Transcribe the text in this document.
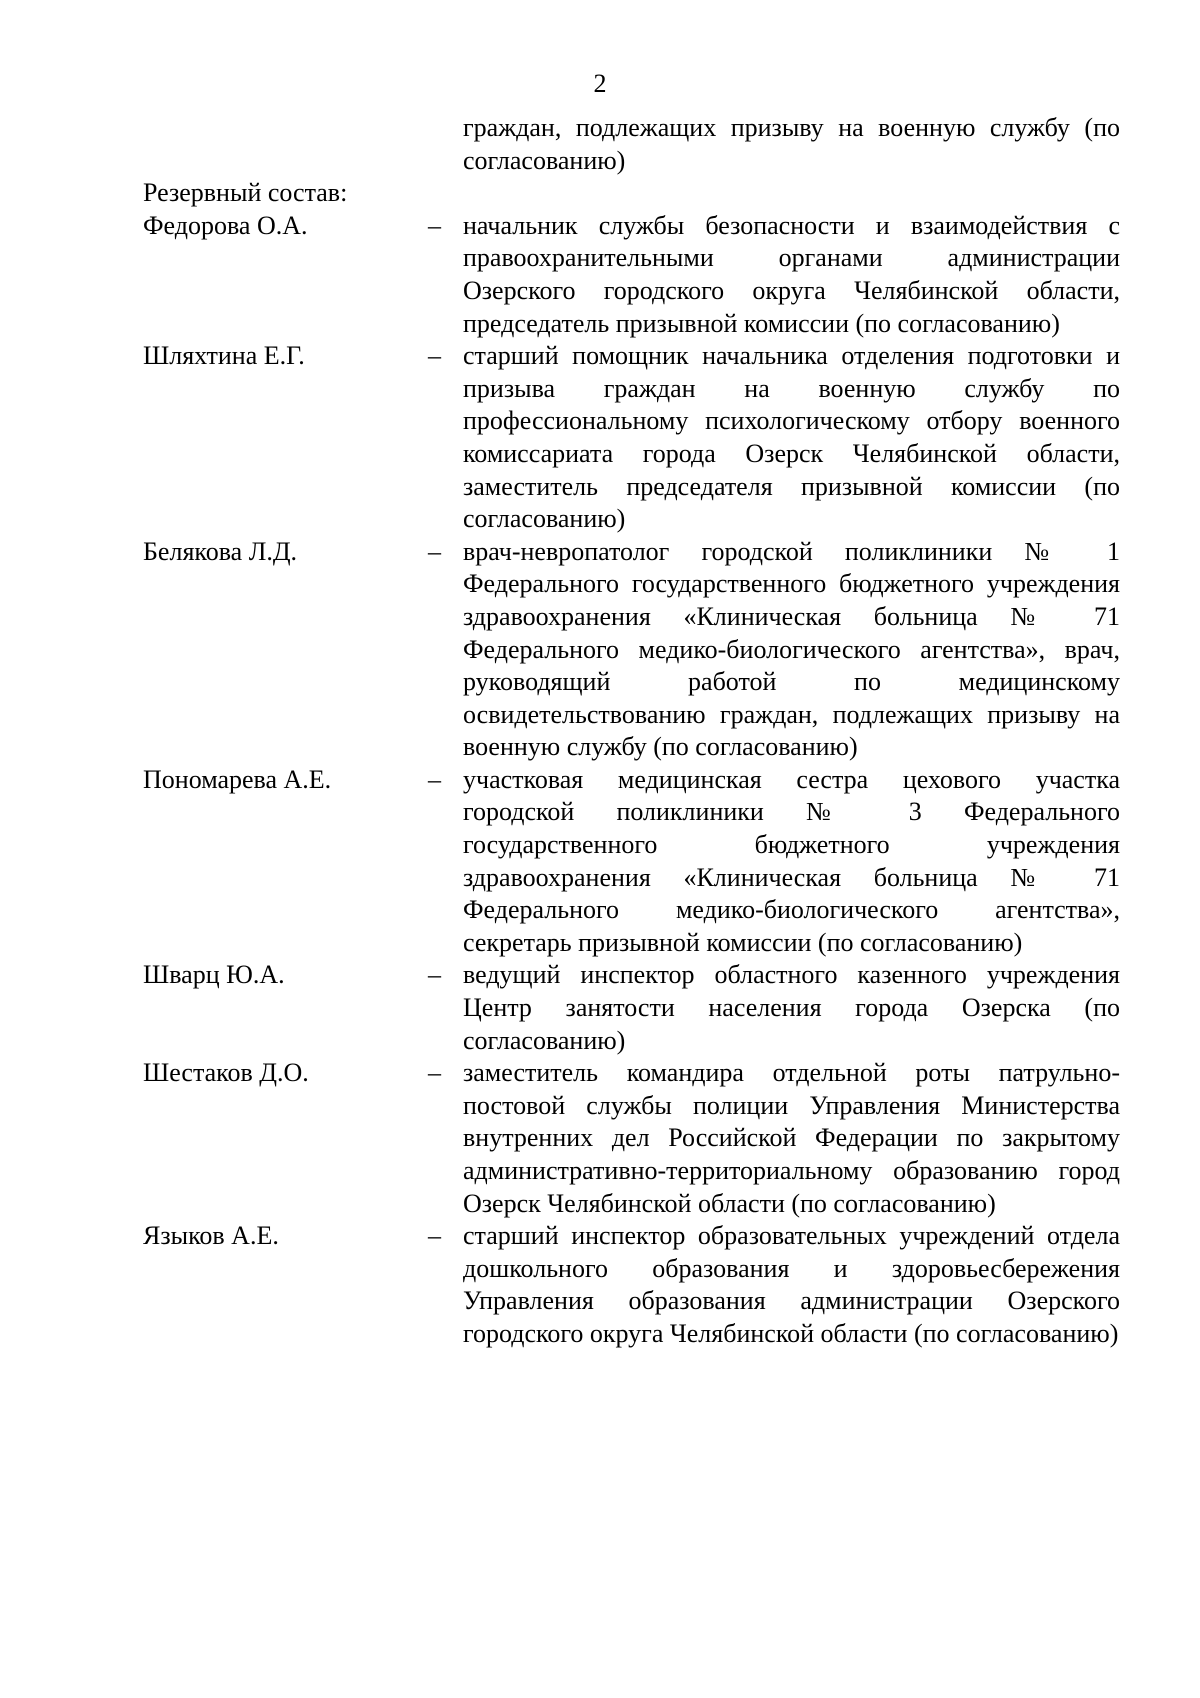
2
граждан, подлежащих призыву на военную службу (по согласованию)
Резервный состав:
Федорова О.А.	– начальник службы безопасности и взаимодействия с правоохранительными органами администрации Озерского городского округа Челябинской области, председатель призывной комиссии (по согласованию)
Шляхтина Е.Г.	– старший помощник начальника отделения подготовки и призыва граждан на военную службу по профессиональному психологическому отбору военного комиссариата города Озерск Челябинской области, заместитель председателя призывной комиссии (по согласованию)
Белякова Л.Д.	– врач-невропатолог городской поликлиники № 1 Федерального государственного бюджетного учреждения здравоохранения «Клиническая больница № 71 Федерального медико-биологического агентства», врач, руководящий работой по медицинскому освидетельствованию граждан, подлежащих призыву на военную службу (по согласованию)
Пономарева А.Е.	– участковая медицинская сестра цехового участка городской поликлиники № 3 Федерального государственного бюджетного учреждения здравоохранения «Клиническая больница № 71 Федерального медико-биологического агентства», секретарь призывной комиссии (по согласованию)
Шварц Ю.А.	– ведущий инспектор областного казенного учреждения Центр занятости населения города Озерска (по согласованию)
Шестаков Д.О.	– заместитель командира отдельной роты патрульно-постовой службы полиции Управления Министерства внутренних дел Российской Федерации по закрытому административно-территориальному образованию город Озерск Челябинской области (по согласованию)
Языков А.Е.	– старший инспектор образовательных учреждений отдела дошкольного образования и здоровьесбережения Управления образования администрации Озерского городского округа Челябинской области (по согласованию)
